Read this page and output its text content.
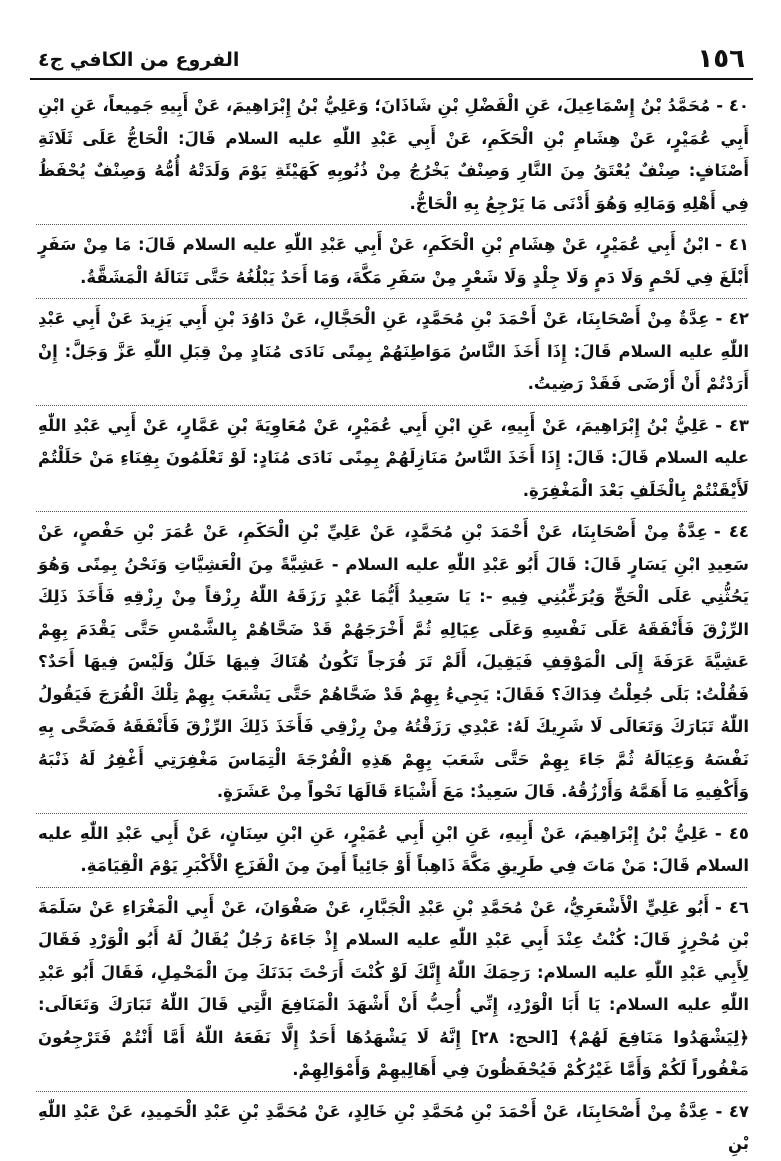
١٥٦
الفروع من الكافي ج٤

٤٠ -مُحَمَّدُ بْنُ إِسْمَاعِيلَ، عَنِ الْفَضْلِ بْنِ شَاذَانَ؛ وَعَلِيُّ بْنُ إِبْرَاهِيمَ، عَنْ أَبِيهِ جَمِيعاً، عَنِ ابْنِ أَبِي عُمَيْرٍ، عَنْ هِشَامِ بْنِ الْحَكَمِ، عَنْ أَبِي عَبْدِ اللّٰهِ عليه السلام قَالَ: الْحَاجُّ عَلَى ثَلَاثَةِ أَصْنَافٍ: صِنْفٌ يُعْتَقُ مِنَ النَّارِ وَصِنْفٌ يَخْرُجُ مِنْ ذُنُوبِهِ كَهَيْئَةِ يَوْمَ وَلَدَتْهُ أُمُّهُ وَصِنْفٌ يُحْفَظُ فِي أَهْلِهِ وَمَالِهِ وَهُوَ أَدْنَى مَا يَرْجِعُ بِهِ الْحَاجُّ.

٤١ -ابْنُ أَبِي عُمَيْرٍ، عَنْ هِشَامِ بْنِ الْحَكَمِ، عَنْ أَبِي عَبْدِ اللّٰهِ عليه السلام قَالَ: مَا مِنْ سَفَرٍ أَبْلَغَ فِي لَحْمٍ وَلَا دَمٍ وَلَا جِلْدٍ وَلَا شَعْرٍ مِنْ سَفَرِ مَكَّةَ، وَمَا أَحَدٌ يَبْلُغُهُ حَتَّى تَنَالَهُ الْمَشَقَّةُ.

٤٢ -عِدَّةٌ مِنْ أَصْحَابِنَا، عَنْ أَحْمَدَ بْنِ مُحَمَّدٍ، عَنِ الْحَجَّالِ، عَنْ دَاوُدَ بْنِ أَبِي يَزِيدَ عَنْ أَبِي عَبْدِ اللّٰهِ عليه السلام قَالَ: إِذَا أَخَذَ النَّاسُ مَوَاطِنَهُمْ بِمِنًى نَادَى مُنَادٍ مِنْ قِبَلِ اللّٰهِ عَزَّ وَجَلَّ: إِنْ أَرَدْتُمْ أَنْ أَرْضَى فَقَدْ رَضِيتُ.

٤٣ -عَلِيُّ بْنُ إِبْرَاهِيمَ، عَنْ أَبِيهِ، عَنِ ابْنِ أَبِي عُمَيْرٍ، عَنْ مُعَاوِيَةَ بْنِ عَمَّارٍ، عَنْ أَبِي عَبْدِ اللّٰهِ عليه السلام قَالَ: قَالَ: إِذَا أَخَذَ النَّاسُ مَنَازِلَهُمْ بِمِنًى نَادَى مُنَادٍ: لَوْ تَعْلَمُونَ بِفِنَاءِ مَنْ حَلَلْتُمْ لَأَيْقَنْتُمْ بِالْخَلَفِ بَعْدَ الْمَغْفِرَةِ.

٤٤ -عِدَّةٌ مِنْ أَصْحَابِنَا، عَنْ أَحْمَدَ بْنِ مُحَمَّدٍ، عَنْ عَلِيِّ بْنِ الْحَكَمِ، عَنْ عُمَرَ بْنِ حَفْصٍ، عَنْ سَعِيدِ ابْنِ يَسَارٍ قَالَ: قَالَ أَبُو عَبْدِ اللّٰهِ عليه السلام - عَشِيَّةً مِنَ الْعَشِيَّاتِ وَنَحْنُ بِمِنًى وَهُوَ يَحُثُّنِي عَلَى الْحَجِّ وَيُرَغِّبُنِي فِيهِ -: يَا سَعِيدُ أَيُّمَا عَبْدٍ رَزَقَهُ اللّٰهُ رِزْقاً مِنْ رِزْقِهِ فَأَخَذَ ذَلِكَ الرِّزْقَ فَأَنْفَقَهُ عَلَى نَفْسِهِ وَعَلَى عِيَالِهِ ثُمَّ أَخْرَجَهُمْ قَدْ ضَحَّاهُمْ بِالشَّمْسِ حَتَّى يَقْدَمَ بِهِمْ عَشِيَّةَ عَرَفَةَ إِلَى الْمَوْقِفِ فَيَقِيلَ، أَلَمْ تَرَ فُرَجاً تَكُونُ هُنَاكَ فِيهَا خَلَلٌ وَلَيْسَ فِيهَا أَحَدٌ؟ فَقُلْتُ: بَلَى جُعِلْتُ فِدَاكَ؟ فَقَالَ: يَجِيءُ بِهِمْ قَدْ ضَحَّاهُمْ حَتَّى يَشْعَبَ بِهِمْ تِلْكَ الْفُرَجَ فَيَقُولُ اللّٰهُ تَبَارَكَ وَتَعَالَى لَا شَرِيكَ لَهُ: عَبْدِي رَزَقْتُهُ مِنْ رِزْقِي فَأَخَذَ ذَلِكَ الرِّزْقَ فَأَنْفَقَهُ فَضَحَّى بِهِ نَفْسَهُ وَعِيَالَهُ ثُمَّ جَاءَ بِهِمْ حَتَّى شَعَبَ بِهِمْ هَذِهِ الْفُرْجَةَ الْتِمَاسَ مَغْفِرَتِي أَغْفِرُ لَهُ ذَنْبَهُ وَأَكْفِيهِ مَا أَهَمَّهُ وَأَرْزُقُهُ. قَالَ سَعِيدٌ: مَعَ أَشْيَاءَ قَالَهَا نَحْواً مِنْ عَشَرَةٍ.

٤٥ -عَلِيُّ بْنُ إِبْرَاهِيمَ، عَنْ أَبِيهِ، عَنِ ابْنِ أَبِي عُمَيْرٍ، عَنِ ابْنِ سِنَانٍ، عَنْ أَبِي عَبْدِ اللّٰهِ عليه السلام قَالَ: مَنْ مَاتَ فِي طَرِيقِ مَكَّةَ ذَاهِباً أَوْ جَائِياً أَمِنَ مِنَ الْفَزَعِ الْأَكْبَرِ يَوْمَ الْقِيَامَةِ.

٤٦ -أَبُو عَلِيٍّ الْأَشْعَرِيُّ، عَنْ مُحَمَّدِ بْنِ عَبْدِ الْجَبَّارِ، عَنْ صَفْوَانَ، عَنْ أَبِي الْمَغْرَاءِ عَنْ سَلَمَةَ بْنِ مُحْرِزٍ قَالَ: كُنْتُ عِنْدَ أَبِي عَبْدِ اللّٰهِ عليه السلام إِذْ جَاءَهُ رَجُلٌ يُقَالُ لَهُ أَبُو الْوَرْدِ فَقَالَ لِأَبِي عَبْدِ اللّٰهِ عليه السلام: رَحِمَكَ اللّٰهُ إِنَّكَ لَوْ كُنْتَ أَرَحْتَ بَدَنَكَ مِنَ الْمَحْمِلِ، فَقَالَ أَبُو عَبْدِ اللّٰهِ عليه السلام: يَا أَبَا الْوَرْدِ، إِنِّي أُحِبُّ أَنْ أَشْهَدَ الْمَنَافِعَ الَّتِي قَالَ اللّٰهُ تَبَارَكَ وَتَعَالَى: ﴿لِيَشْهَدُوا مَنَافِعَ لَهُمْ﴾ [الحج: ٢٨] إِنَّهُ لَا يَشْهَدُهَا أَحَدٌ إِلَّا نَفَعَهُ اللّٰهُ أَمَّا أَنْتُمْ فَتَرْجِعُونَ مَغْفُوراً لَكُمْ وَأَمَّا غَيْرُكُمْ فَيُحْفَظُونَ فِي أَهَالِيهِمْ وَأَمْوَالِهِمْ.

٤٧ -عِدَّةٌ مِنْ أَصْحَابِنَا، عَنْ أَحْمَدَ بْنِ مُحَمَّدِ بْنِ خَالِدٍ، عَنْ مُحَمَّدِ بْنِ عَبْدِ الْحَمِيدِ، عَنْ عَبْدِ اللّٰهِ بْنِ
